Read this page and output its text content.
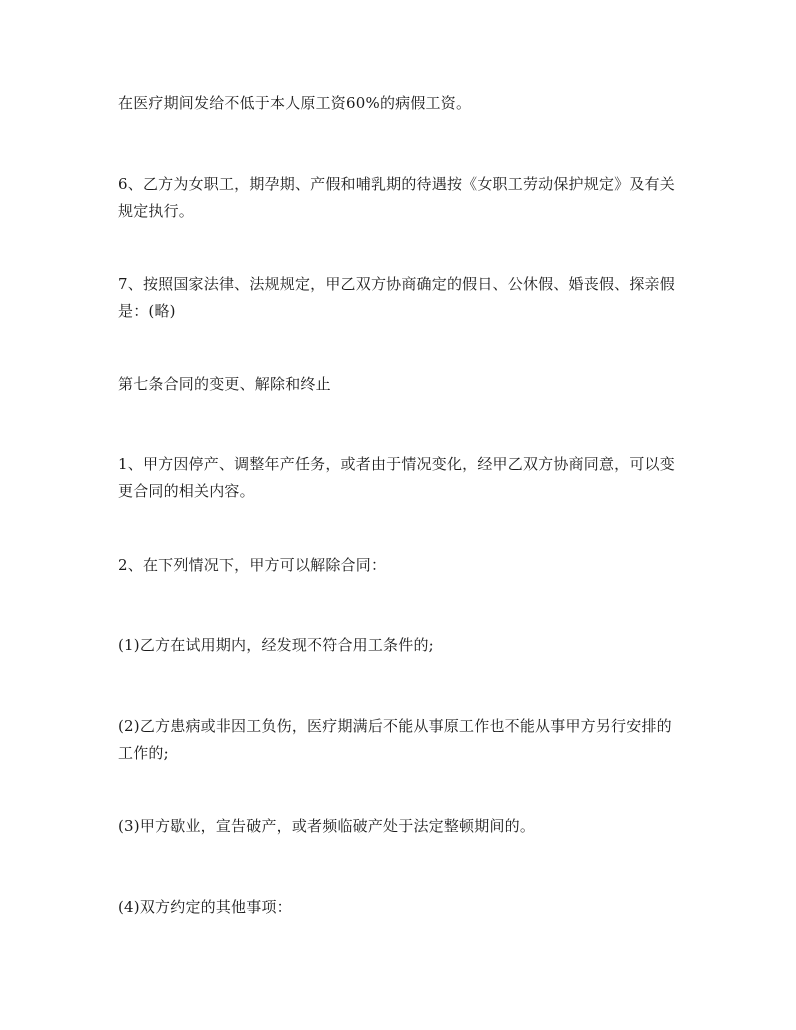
在医疗期间发给不低于本人原工资60%的病假工资。

6、乙方为女职工，期孕期、产假和哺乳期的待遇按《女职工劳动保护规定》及有关规定执行。

7、按照国家法律、法规规定，甲乙双方协商确定的假日、公休假、婚丧假、探亲假是：(略)

第七条合同的变更、解除和终止

1、甲方因停产、调整年产任务，或者由于情况变化，经甲乙双方协商同意，可以变更合同的相关内容。

2、在下列情况下，甲方可以解除合同：

(1)乙方在试用期内，经发现不符合用工条件的;

(2)乙方患病或非因工负伤，医疗期满后不能从事原工作也不能从事甲方另行安排的工作的;

(3)甲方歇业，宣告破产，或者频临破产处于法定整顿期间的。

(4)双方约定的其他事项：
